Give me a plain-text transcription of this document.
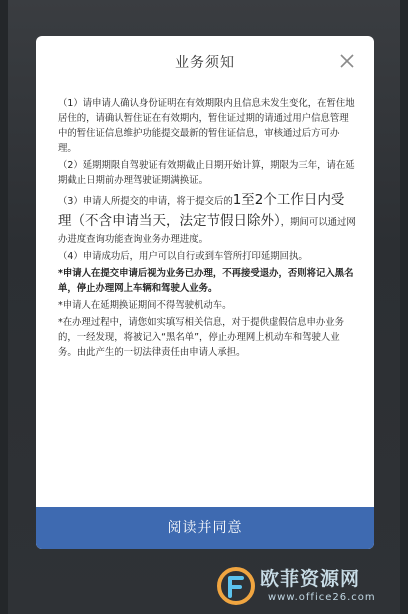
业务须知

（1）请申请人确认身份证明在有效期限内且信息未发生变化，在暂住地居住的，请确认暂住证在有效期内，暂住证过期的请通过用户信息管理中的暂住证信息维护功能提交最新的暂住证信息，审核通过后方可办理。

（2）延期期限自驾驶证有效期截止日期开始计算，期限为三年，请在延期截止日期前办理驾驶证期满换证。

（3）申请人所提交的申请，将于提交后的1至2个工作日内受理（不含申请当天，法定节假日除外），期间可以通过网办进度查询功能查询业务办理进度。

（4）申请成功后，用户可以自行或到车管所打印延期回执。

*申请人在提交申请后视为业务已办理，不再接受退办，否则将记入黑名单，停止办理网上车辆和驾驶人业务。

*申请人在延期换证期间不得驾驶机动车。

*在办理过程中，请您如实填写相关信息，对于提供虚假信息申办业务的，一经发现，将被记入“黑名单”，停止办理网上机动车和驾驶人业务。由此产生的一切法律责任由申请人承担。

阅读并同意
欧菲资源网
www.office26.com
